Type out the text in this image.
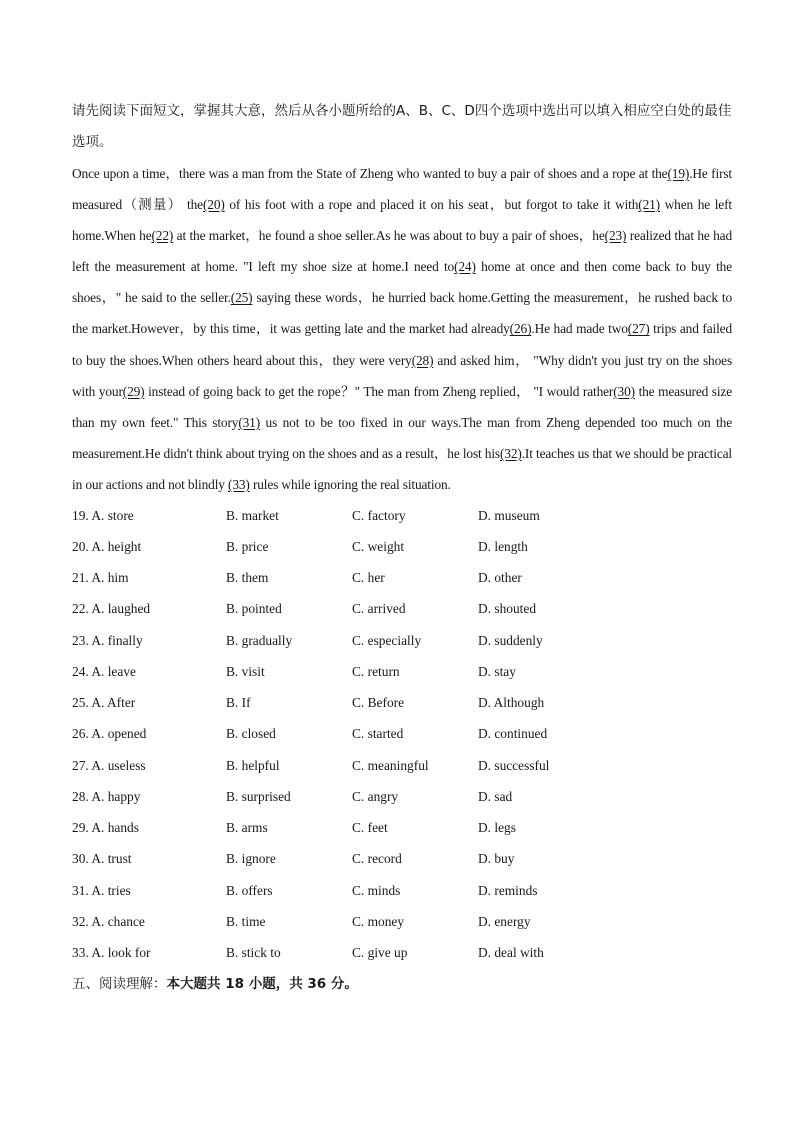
请先阅读下面短文，掌握其大意，然后从各小题所给的A、B、C、D四个选项中选出可以填入相应空白处的最佳选项。

Once upon a time，there was a man from the State of Zheng who wanted to buy a pair of shoes and a rope at the(19).He first measured（测量） the(20) of his foot with a rope and placed it on his seat，but forgot to take it with(21) when he left home.When he(22) at the market，he found a shoe seller.As he was about to buy a pair of shoes，he(23) realized that he had left the measurement at home. "I left my shoe size at home.I need to(24) home at once and then come back to buy the shoes，" he said to the seller.(25) saying these words，he hurried back home.Getting the measurement，he rushed back to the market.However，by this time，it was getting late and the market had already(26).He had made two(27) trips and failed to buy the shoes.When others heard about this，they were very(28) and asked him， "Why didn't you just try on the shoes with your(29) instead of going back to get the rope？" The man from Zheng replied， "I would rather(30) the measured size than my own feet." This story(31) us not to be too fixed in our ways.The man from Zheng depended too much on the measurement.He didn't think about trying on the shoes and as a result，he lost his(32).It teaches us that we should be practical in our actions and not blindly (33) rules while ignoring the real situation.

19. A. store	B. market	C. factory	D. museum
20. A. height	B. price	C. weight	D. length
21. A. him	B. them	C. her	D. other
22. A. laughed	B. pointed	C. arrived	D. shouted
23. A. finally	B. gradually	C. especially	D. suddenly
24. A. leave	B. visit	C. return	D. stay
25. A. After	B. If	C. Before	D. Although
26. A. opened	B. closed	C. started	D. continued
27. A. useless	B. helpful	C. meaningful	D. successful
28. A. happy	B. surprised	C. angry	D. sad
29. A. hands	B. arms	C. feet	D. legs
30. A. trust	B. ignore	C. record	D. buy
31. A. tries	B. offers	C. minds	D. reminds
32. A. chance	B. time	C. money	D. energy
33. A. look for	B. stick to	C. give up	D. deal with

五、阅读理解：本大题共 18 小题，共 36 分。
